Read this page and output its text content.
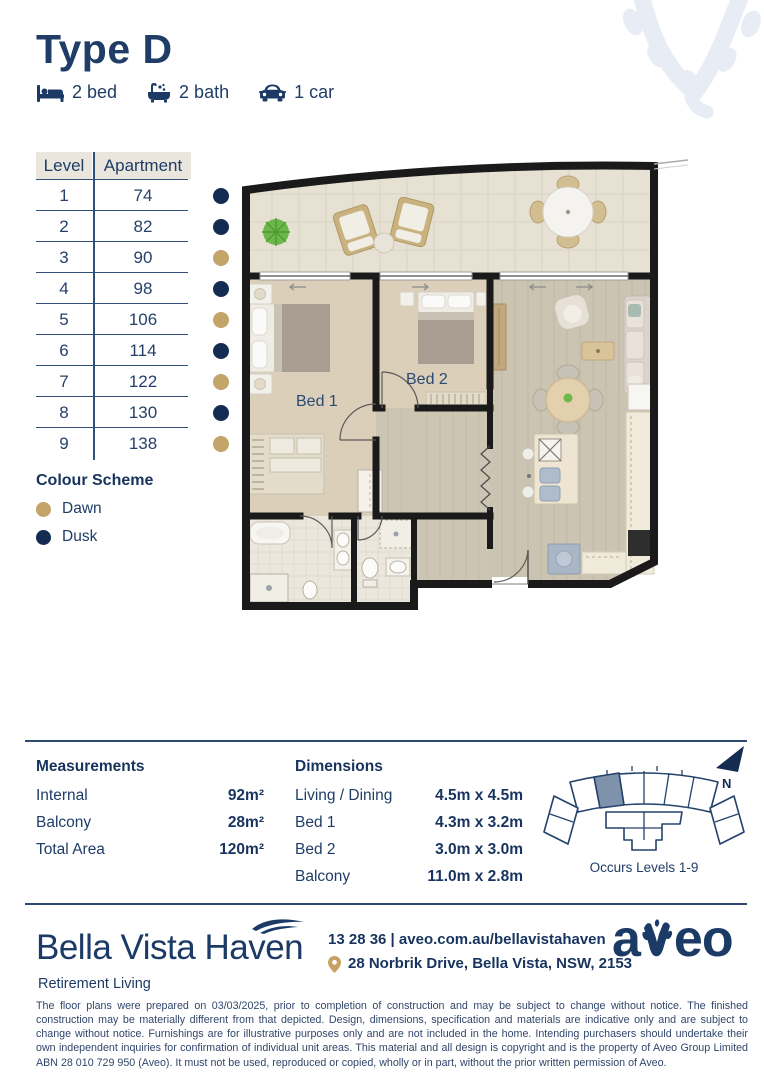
Type D
2 bed	2 bath	1 car
Level	Apartment
1	74
2	82
3	90
4	98
5	106
6	114
7	122
8	130
9	138
Colour Scheme
Dawn
Dusk
Bed 1
Bed 2
Measurements
Internal	92m²
Balcony	28m²
Total Area	120m²
Dimensions
Living / Dining	4.5m x 4.5m
Bed 1	4.3m x 3.2m
Bed 2	3.0m x 3.0m
Balcony	11.0m x 2.8m
N
Occurs Levels 1-9
Bella Vista Haven
Retirement Living
13 28 36 | aveo.com.au/bellavistahaven
28 Norbrik Drive, Bella Vista, NSW, 2153
a eo
The floor plans were prepared on 03/03/2025, prior to completion of construction and may be subject to change without notice. The finished construction may be materially different from that depicted. Design, dimensions, specification and materials are indicative only and are subject to change without notice. Furnishings are for illustrative purposes only and are not included in the home. Intending purchasers should undertake their own independent inquiries for confirmation of individual unit areas. This material and all design is copyright and is the property of Aveo Group Limited ABN 28 010 729 950 (Aveo). It must not be used, reproduced or copied, wholly or in part, without the prior written permission of Aveo.
